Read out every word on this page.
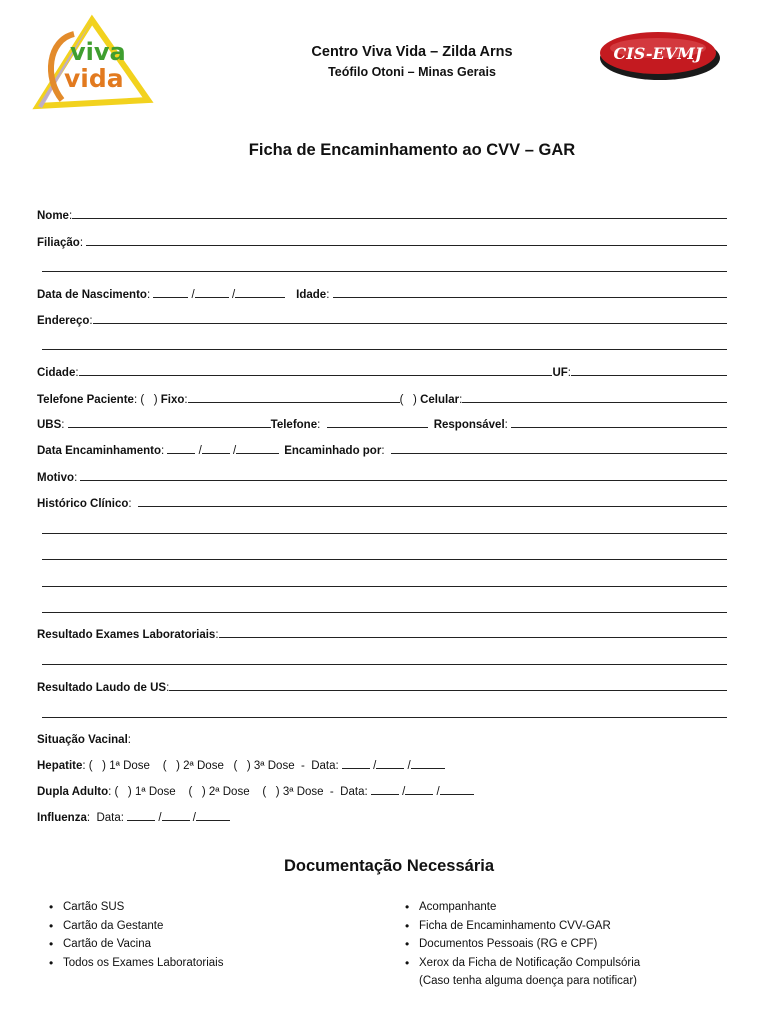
viva
vida
Centro Viva Vida – Zilda Arns
Teófilo Otoni – Minas Gerais
CIS-EVMJ
Ficha de Encaminhamento ao CVV – GAR
Nome :
Filiação :
Data de Nascimento :	/	/	Idade :
Endereço :
Cidade :	UF :
Telefone Paciente : (   ) Fixo :	(   ) Celular :
UBS :	Telefone :	Responsável :
Data Encaminhamento :	/	/	Encaminhado por :
Motivo :
Histórico Clínico :
Resultado Exames Laboratoriais :
Resultado Laudo de US :
Situação Vacinal :
Hepatite : (   ) 1ª Dose (   ) 2ª Dose (   ) 3ª Dose - Data :	/	/
Dupla Adulto : (   ) 1ª Dose (   ) 2ª Dose (   ) 3ª Dose - Data :	/	/
Influenza : Data :	/	/
Documentação Necessária
• Cartão SUS
• Cartão da Gestante
• Cartão de Vacina
• Todos os Exames Laboratoriais
• Acompanhante
• Ficha de Encaminhamento CVV-GAR
• Documentos Pessoais (RG e CPF)
• Xerox da Ficha de Notificação Compulsória
(Caso tenha alguma doença para notificar)
